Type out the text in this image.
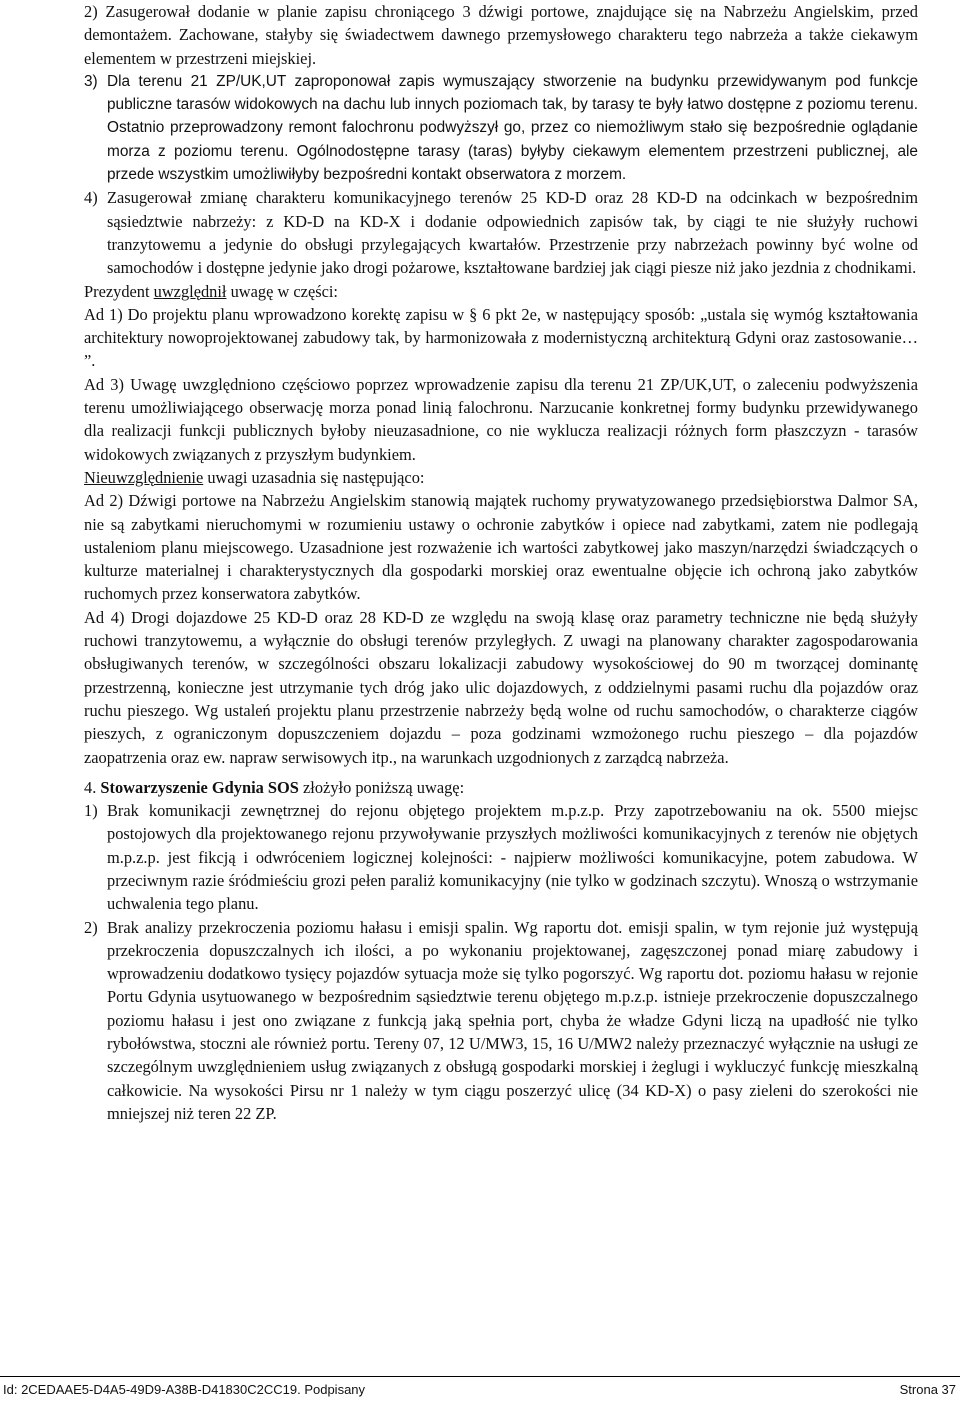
2) Zasugerował dodanie w planie zapisu chroniącego 3 dźwigi portowe, znajdujące się na Nabrzeżu Angielskim, przed demontażem. Zachowane, stałyby się świadectwem dawnego przemysłowego charakteru tego nabrzeża a także ciekawym elementem w przestrzeni miejskiej.

3) Dla terenu 21 ZP/UK,UT zaproponował zapis wymuszający stworzenie na budynku przewidywanym pod funkcje publiczne tarasów widokowych na dachu lub innych poziomach tak, by tarasy te były łatwo dostępne z poziomu terenu. Ostatnio przeprowadzony remont falochronu podwyższył go, przez co niemożliwym stało się bezpośrednie oglądanie morza z poziomu terenu. Ogólnodostępne tarasy (taras) byłyby ciekawym elementem przestrzeni publicznej, ale przede wszystkim umożliwiłyby bezpośredni kontakt obserwatora z morzem.

4) Zasugerował zmianę charakteru komunikacyjnego terenów 25 KD-D oraz 28 KD-D na odcinkach w bezpośrednim sąsiedztwie nabrzeży: z KD-D na KD-X i dodanie odpowiednich zapisów tak, by ciągi te nie służyły ruchowi tranzytowemu a jedynie do obsługi przylegających kwartałów. Przestrzenie przy nabrzeżach powinny być wolne od samochodów i dostępne jedynie jako drogi pożarowe, kształtowane bardziej jak ciągi piesze niż jako jezdnia z chodnikami.

Prezydent uwzględnił uwagę w części:

Ad 1) Do projektu planu wprowadzono korektę zapisu w § 6 pkt 2e, w następujący sposób: „ustala się wymóg kształtowania architektury nowoprojektowanej zabudowy tak, by harmonizowała z modernistyczną architekturą Gdyni oraz zastosowanie… ”.

Ad 3) Uwagę uwzględniono częściowo poprzez wprowadzenie zapisu dla terenu 21 ZP/UK,UT, o zaleceniu podwyższenia terenu umożliwiającego obserwację morza ponad linią falochronu. Narzucanie konkretnej formy budynku przewidywanego dla realizacji funkcji publicznych byłoby nieuzasadnione, co nie wyklucza realizacji różnych form płaszczyzn - tarasów widokowych związanych z przyszłym budynkiem.

Nieuwzględnienie uwagi uzasadnia się następująco:

Ad 2) Dźwigi portowe na Nabrzeżu Angielskim stanowią majątek ruchomy prywatyzowanego przedsiębiorstwa Dalmor SA, nie są zabytkami nieruchomymi w rozumieniu ustawy o ochronie zabytków i opiece nad zabytkami, zatem nie podlegają ustaleniom planu miejscowego. Uzasadnione jest rozważenie ich wartości zabytkowej jako maszyn/narzędzi świadczących o kulturze materialnej i charakterystycznych dla gospodarki morskiej oraz ewentualne objęcie ich ochroną jako zabytków ruchomych przez konserwatora zabytków.

Ad 4) Drogi dojazdowe 25 KD-D oraz 28 KD-D ze względu na swoją klasę oraz parametry techniczne nie będą służyły ruchowi tranzytowemu, a wyłącznie do obsługi terenów przyległych. Z uwagi na planowany charakter zagospodarowania obsługiwanych terenów, w szczególności obszaru lokalizacji zabudowy wysokościowej do 90 m tworzącej dominantę przestrzenną, konieczne jest utrzymanie tych dróg jako ulic dojazdowych, z oddzielnymi pasami ruchu dla pojazdów oraz ruchu pieszego. Wg ustaleń projektu planu przestrzenie nabrzeży będą wolne od ruchu samochodów, o charakterze ciągów pieszych, z ograniczonym dopuszczeniem dojazdu – poza godzinami wzmożonego ruchu pieszego – dla pojazdów zaopatrzenia oraz ew. napraw serwisowych itp., na warunkach uzgodnionych z zarządcą nabrzeża.

4. Stowarzyszenie Gdynia SOS złożyło poniższą uwagę:

1) Brak komunikacji zewnętrznej do rejonu objętego projektem m.p.z.p. Przy zapotrzebowaniu na ok. 5500 miejsc postojowych dla projektowanego rejonu przywoływanie przyszłych możliwości komunikacyjnych z terenów nie objętych m.p.z.p. jest fikcją i odwróceniem logicznej kolejności: - najpierw możliwości komunikacyjne, potem zabudowa. W przeciwnym razie śródmieściu grozi pełen paraliż komunikacyjny (nie tylko w godzinach szczytu). Wnoszą o wstrzymanie uchwalenia tego planu.

2) Brak analizy przekroczenia poziomu hałasu i emisji spalin. Wg raportu dot. emisji spalin, w tym rejonie już występują przekroczenia dopuszczalnych ich ilości, a po wykonaniu projektowanej, zagęszczonej ponad miarę zabudowy i wprowadzeniu dodatkowo tysięcy pojazdów sytuacja może się tylko pogorszyć. Wg raportu dot. poziomu hałasu w rejonie Portu Gdynia usytuowanego w bezpośrednim sąsiedztwie terenu objętego m.p.z.p. istnieje przekroczenie dopuszczalnego poziomu hałasu i jest ono związane z funkcją jaką spełnia port, chyba że władze Gdyni liczą na upadłość nie tylko rybołówstwa, stoczni ale również portu. Tereny 07, 12 U/MW3, 15, 16 U/MW2 należy przeznaczyć wyłącznie na usługi ze szczególnym uwzględnieniem usług związanych z obsługą gospodarki morskiej i żeglugi i wykluczyć funkcję mieszkalną całkowicie. Na wysokości Pirsu nr 1 należy w tym ciągu poszerzyć ulicę (34 KD-X) o pasy zieleni do szerokości nie mniejszej niż teren 22 ZP.

Id: 2CEDAAE5-D4A5-49D9-A38B-D41830C2CC19. Podpisany	Strona 37
